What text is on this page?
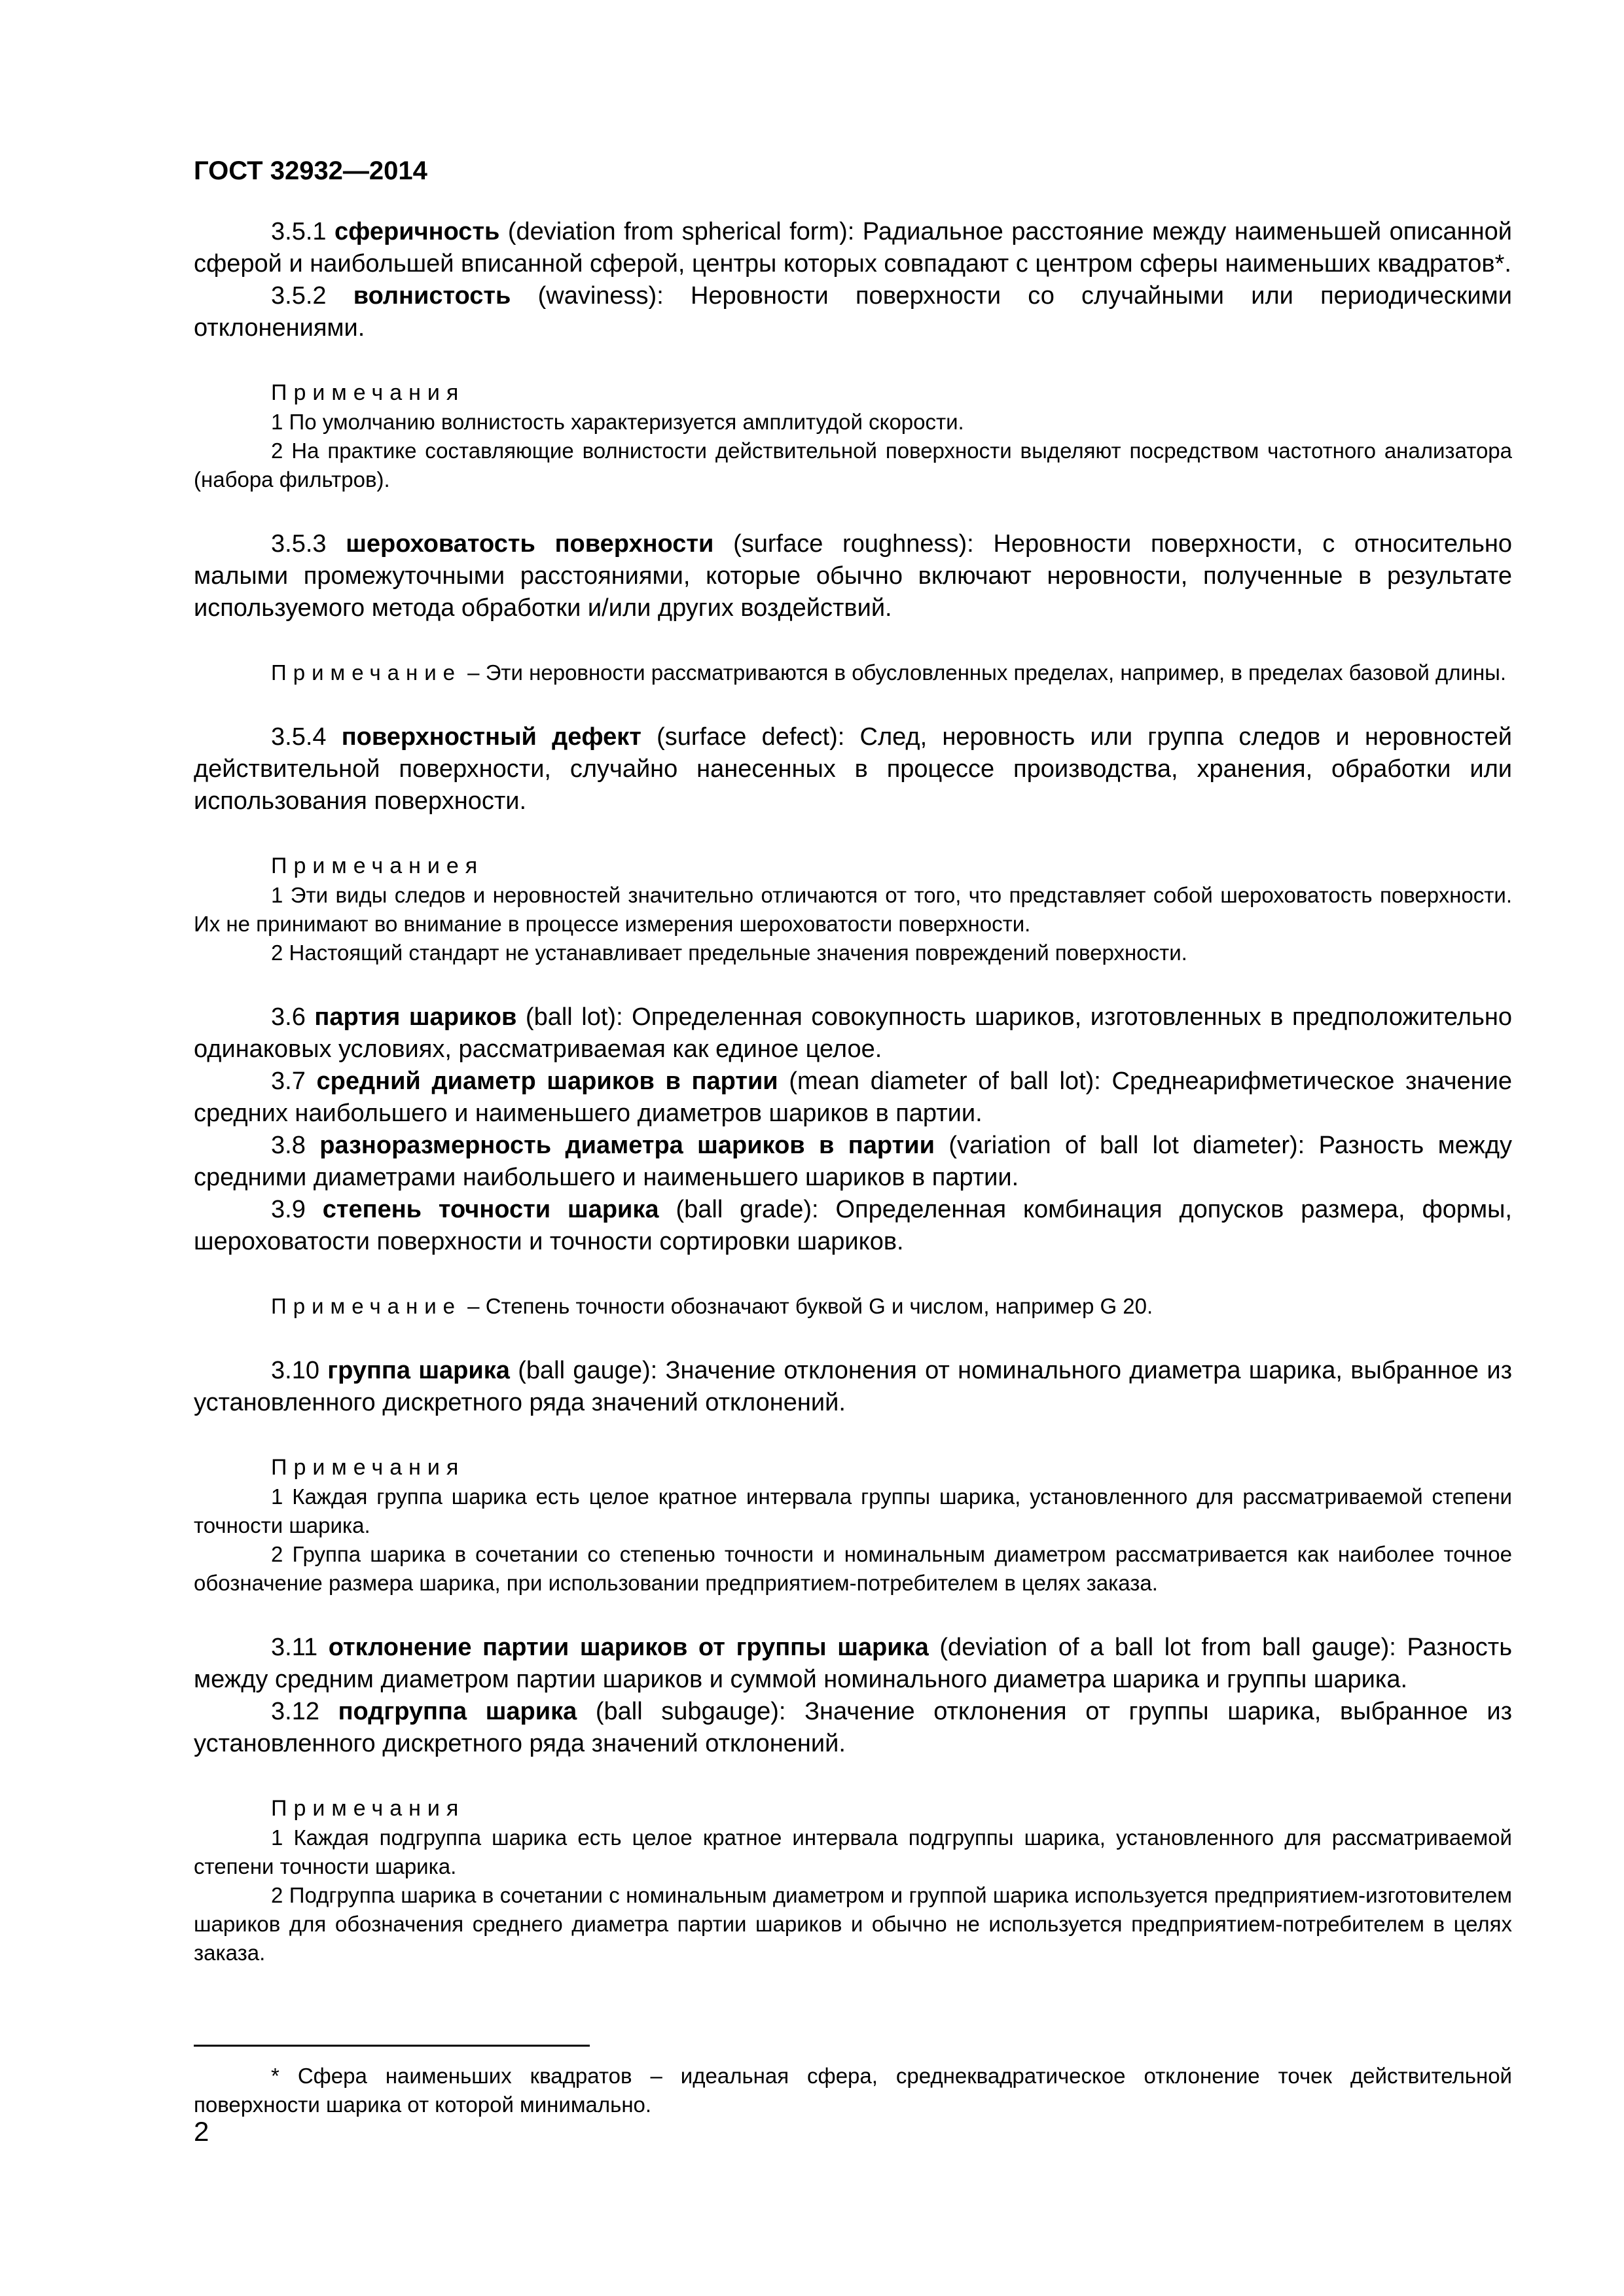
ГОСТ 32932—2014

3.5.1 сферичность (deviation from spherical form): Радиальное расстояние между наименьшей описанной сферой и наибольшей вписанной сферой, центры которых совпадают с центром сферы наименьших квадратов*.

3.5.2 волнистость (waviness): Неровности поверхности со случайными или периодическими отклонениями.

Примечания

1 По умолчанию волнистость характеризуется амплитудой скорости.

2 На практике составляющие волнистости действительной поверхности выделяют посредством частотного анализатора (набора фильтров).

3.5.3 шероховатость поверхности (surface roughness): Неровности поверхности, с относительно малыми промежуточными расстояниями, которые обычно включают неровности, полученные в результате используемого метода обработки и/или других воздействий.

Примечание – Эти неровности рассматриваются в обусловленных пределах, например, в пределах базовой длины.

3.5.4 поверхностный дефект (surface defect): След, неровность или группа следов и неровностей действительной поверхности, случайно нанесенных в процессе производства, хранения, обработки или использования поверхности.

Примечаниея

1 Эти виды следов и неровностей значительно отличаются от того, что представляет собой шероховатость поверхности. Их не принимают во внимание в процессе измерения шероховатости поверхности.

2 Настоящий стандарт не устанавливает предельные значения повреждений поверхности.

3.6 партия шариков (ball lot): Определенная совокупность шариков, изготовленных в предположительно одинаковых условиях, рассматриваемая как единое целое.

3.7 средний диаметр шариков в партии (mean diameter of ball lot): Среднеарифметическое значение средних наибольшего и наименьшего диаметров шариков в партии.

3.8 разноразмерность диаметра шариков в партии (variation of ball lot diameter): Разность между средними диаметрами наибольшего и наименьшего шариков в партии.

3.9 степень точности шарика (ball grade): Определенная комбинация допусков размера, формы, шероховатости поверхности и точности сортировки шариков.

Примечание – Степень точности обозначают буквой G и числом, например G 20.

3.10 группа шарика (ball gauge): Значение отклонения от номинального диаметра шарика, выбранное из установленного дискретного ряда значений отклонений.

Примечания

1 Каждая группа шарика есть целое кратное интервала группы шарика, установленного для рассматриваемой степени точности шарика.

2 Группа шарика в сочетании со степенью точности и номинальным диаметром рассматривается как наиболее точное обозначение размера шарика, при использовании предприятием-потребителем в целях заказа.

3.11 отклонение партии шариков от группы шарика (deviation of a ball lot from ball gauge): Разность между средним диаметром партии шариков и суммой номинального диаметра шарика и группы шарика.

3.12 подгруппа шарика (ball subgauge): Значение отклонения от группы шарика, выбранное из установленного дискретного ряда значений отклонений.

Примечания

1 Каждая подгруппа шарика есть целое кратное интервала подгруппы шарика, установленного для рассматриваемой степени точности шарика.

2 Подгруппа шарика в сочетании с номинальным диаметром и группой шарика используется предприятием-изготовителем шариков для обозначения среднего диаметра партии шариков и обычно не используется предприятием-потребителем в целях заказа.

* Сфера наименьших квадратов – идеальная сфера, среднеквадратическое отклонение точек действительной поверхности шарика от которой минимально.

2
